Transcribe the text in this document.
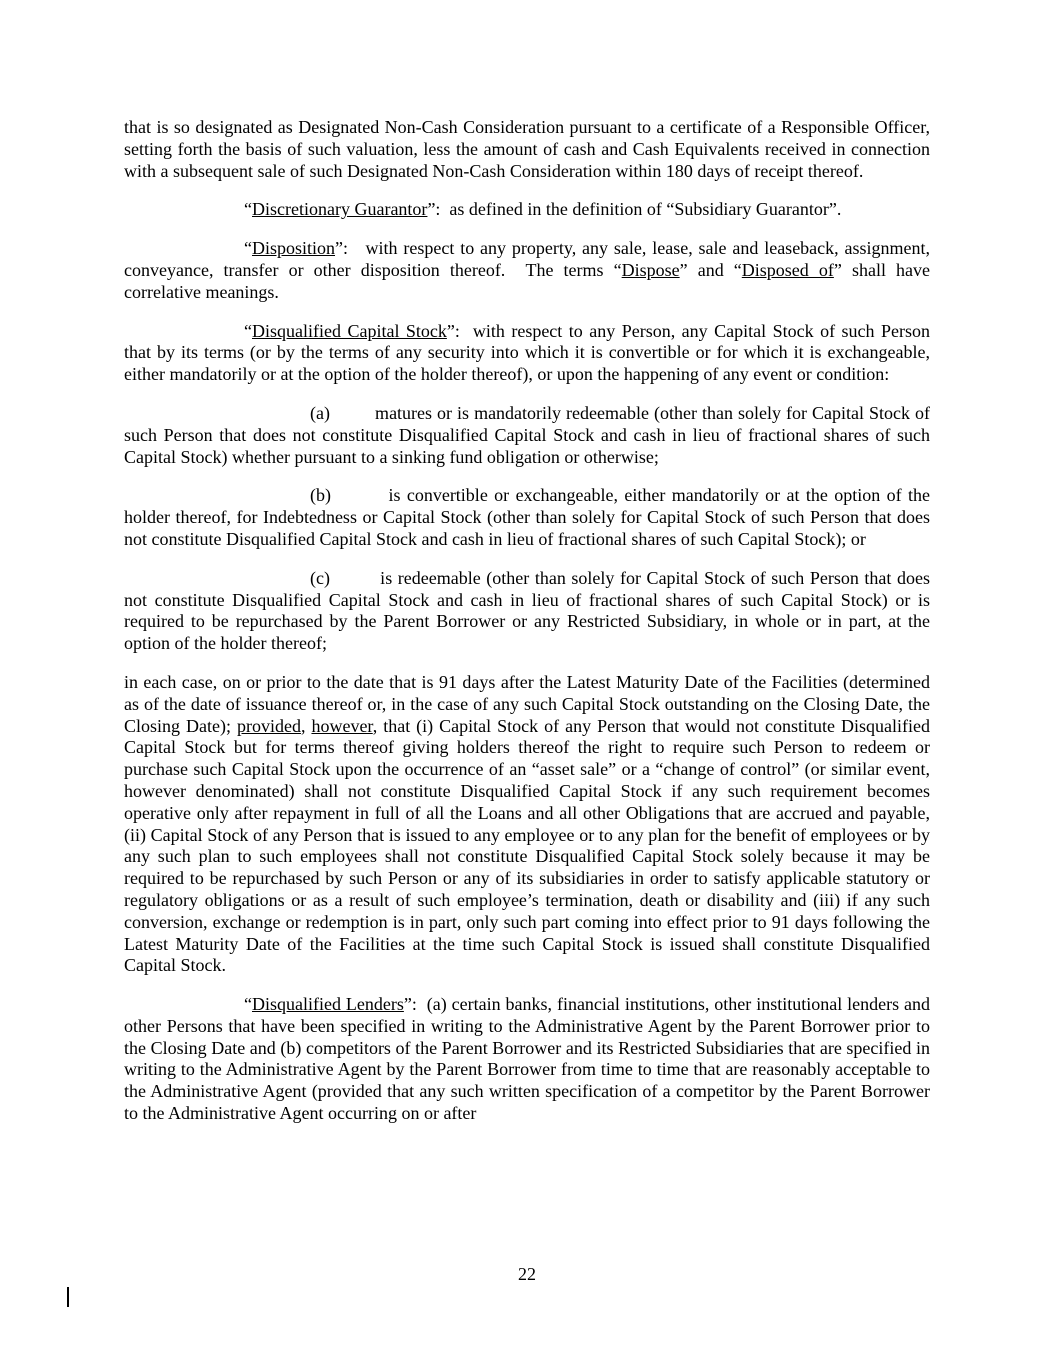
that is so designated as Designated Non-Cash Consideration pursuant to a certificate of a Responsible Officer, setting forth the basis of such valuation, less the amount of cash and Cash Equivalents received in connection with a subsequent sale of such Designated Non-Cash Consideration within 180 days of receipt thereof.

“Discretionary Guarantor”:  as defined in the definition of “Subsidiary Guarantor”.

“Disposition”:   with respect to any property, any sale, lease, sale and leaseback, assignment, conveyance, transfer or other disposition thereof.  The terms “Dispose” and “Disposed of” shall have correlative meanings.

“Disqualified Capital Stock”:  with respect to any Person, any Capital Stock of such Person that by its terms (or by the terms of any security into which it is convertible or for which it is exchangeable, either mandatorily or at the option of the holder thereof), or upon the happening of any event or condition:

(a)         matures or is mandatorily redeemable (other than solely for Capital Stock of such Person that does not constitute Disqualified Capital Stock and cash in lieu of fractional shares of such Capital Stock) whether pursuant to a sinking fund obligation or otherwise;

(b)         is convertible or exchangeable, either mandatorily or at the option of the holder thereof, for Indebtedness or Capital Stock (other than solely for Capital Stock of such Person that does not constitute Disqualified Capital Stock and cash in lieu of fractional shares of such Capital Stock); or

(c)         is redeemable (other than solely for Capital Stock of such Person that does not constitute Disqualified Capital Stock and cash in lieu of fractional shares of such Capital Stock) or is required to be repurchased by the Parent Borrower or any Restricted Subsidiary, in whole or in part, at the option of the holder thereof;

in each case, on or prior to the date that is 91 days after the Latest Maturity Date of the Facilities (determined as of the date of issuance thereof or, in the case of any such Capital Stock outstanding on the Closing Date, the Closing Date); provided, however, that (i) Capital Stock of any Person that would not constitute Disqualified Capital Stock but for terms thereof giving holders thereof the right to require such Person to redeem or purchase such Capital Stock upon the occurrence of an “asset sale” or a “change of control” (or similar event, however denominated) shall not constitute Disqualified Capital Stock if any such requirement becomes operative only after repayment in full of all the Loans and all other Obligations that are accrued and payable, (ii) Capital Stock of any Person that is issued to any employee or to any plan for the benefit of employees or by any such plan to such employees shall not constitute Disqualified Capital Stock solely because it may be required to be repurchased by such Person or any of its subsidiaries in order to satisfy applicable statutory or regulatory obligations or as a result of such employee’s termination, death or disability and (iii) if any such conversion, exchange or redemption is in part, only such part coming into effect prior to 91 days following the Latest Maturity Date of the Facilities at the time such Capital Stock is issued shall constitute Disqualified Capital Stock.

“Disqualified Lenders”:  (a) certain banks, financial institutions, other institutional lenders and other Persons that have been specified in writing to the Administrative Agent by the Parent Borrower prior to the Closing Date and (b) competitors of the Parent Borrower and its Restricted Subsidiaries that are specified in writing to the Administrative Agent by the Parent Borrower from time to time that are reasonably acceptable to the Administrative Agent (provided that any such written specification of a competitor by the Parent Borrower to the Administrative Agent occurring on or after

22
